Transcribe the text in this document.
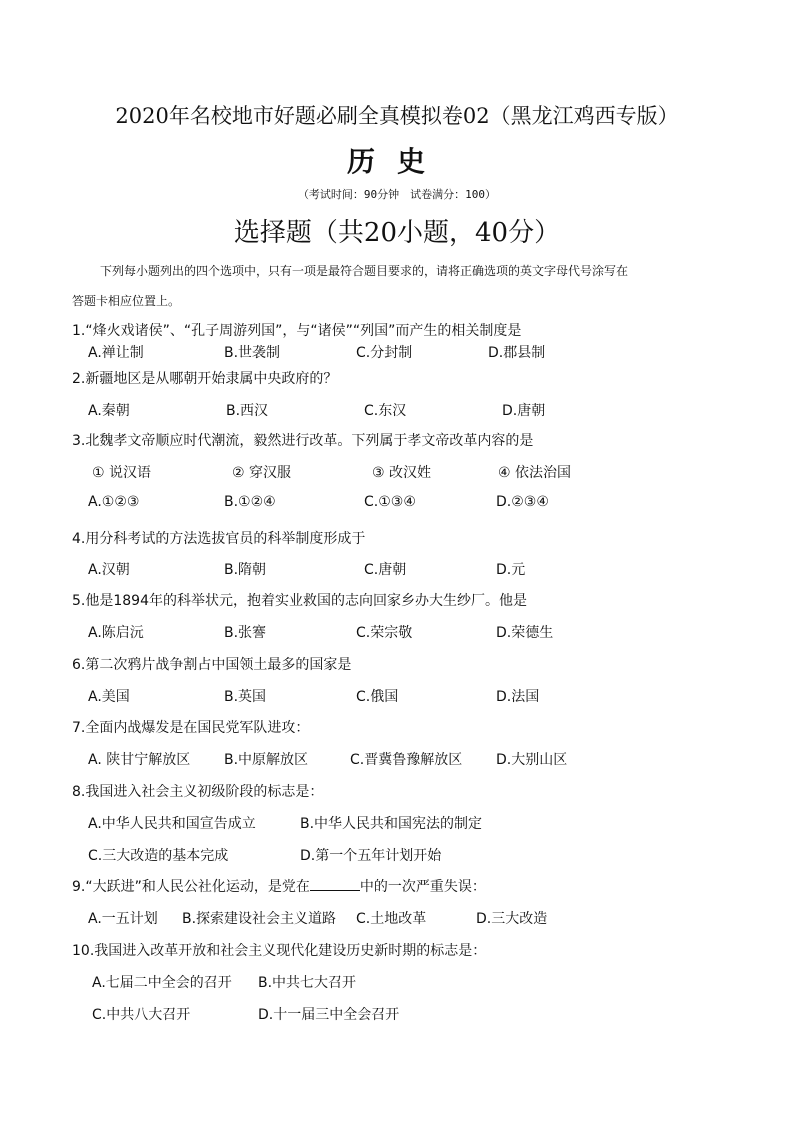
2020年名校地市好题必刷全真模拟卷02（黑龙江鸡西专版）
历史
（考试时间：90分钟　试卷满分：100）
选择题（共20小题，40分）
下列每小题列出的四个选项中，只有一项是最符合题目要求的，请将正确选项的英文字母代号涂写在
答题卡相应位置上。
1.“烽火戏诸侯”、“孔子周游列国”，与“诸侯”“列国”而产生的相关制度是
A.禅让制	B.世袭制	C.分封制	D.郡县制
2.新疆地区是从哪朝开始隶属中央政府的？
A.秦朝	B.西汉	C.东汉	D.唐朝
3.北魏孝文帝顺应时代潮流，毅然进行改革。下列属于孝文帝改革内容的是
① 说汉语	② 穿汉服	③ 改汉姓	④ 依法治国
A.①②③	B.①②④	C.①③④	D.②③④
4.用分科考试的方法选拔官员的科举制度形成于
A.汉朝	B.隋朝	C.唐朝	D.元
5.他是1894年的科举状元，抱着实业救国的志向回家乡办大生纱厂。他是
A.陈启沅	B.张謇	C.荣宗敬	D.荣德生
6.第二次鸦片战争割占中国领土最多的国家是
A.美国	B.英国	C.俄国	D.法国
7.全面内战爆发是在国民党军队进攻：
A. 陕甘宁解放区 B.中原解放区	C.晋冀鲁豫解放区 D.大别山区
8.我国进入社会主义初级阶段的标志是：
A.中华人民共和国宣告成立	B.中华人民共和国宪法的制定
C.三大改造的基本完成	D.第一个五年计划开始
9.“大跃进”和人民公社化运动，是党在	中的一次严重失误：
A.一五计划 B.探索建设社会主义道路 C.土地改革	D.三大改造
10.我国进入改革开放和社会主义现代化建设历史新时期的标志是：
A.七届二中全会的召开 B.中共七大召开
C.中共八大召开	D.十一届三中全会召开
